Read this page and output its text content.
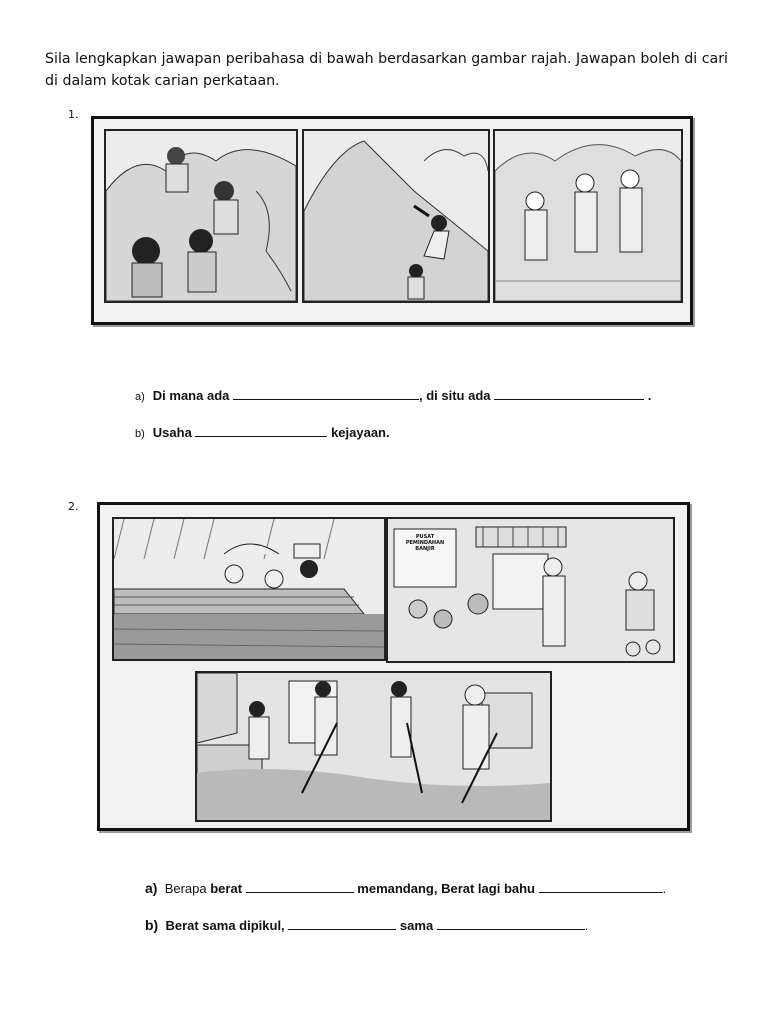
Sila lengkapkan jawapan peribahasa di bawah berdasarkan gambar rajah. Jawapan boleh di cari di dalam kotak carian perkataan.

1.
a) Di mana ada	, di situ ada	.
b) Usaha	kejayaan.
2.
PUSAT PEMINDAHAN BANJIR
a) Berapa berat	memandang, Berat lagi bahu	.
b) Berat sama dipikul,	sama	.
